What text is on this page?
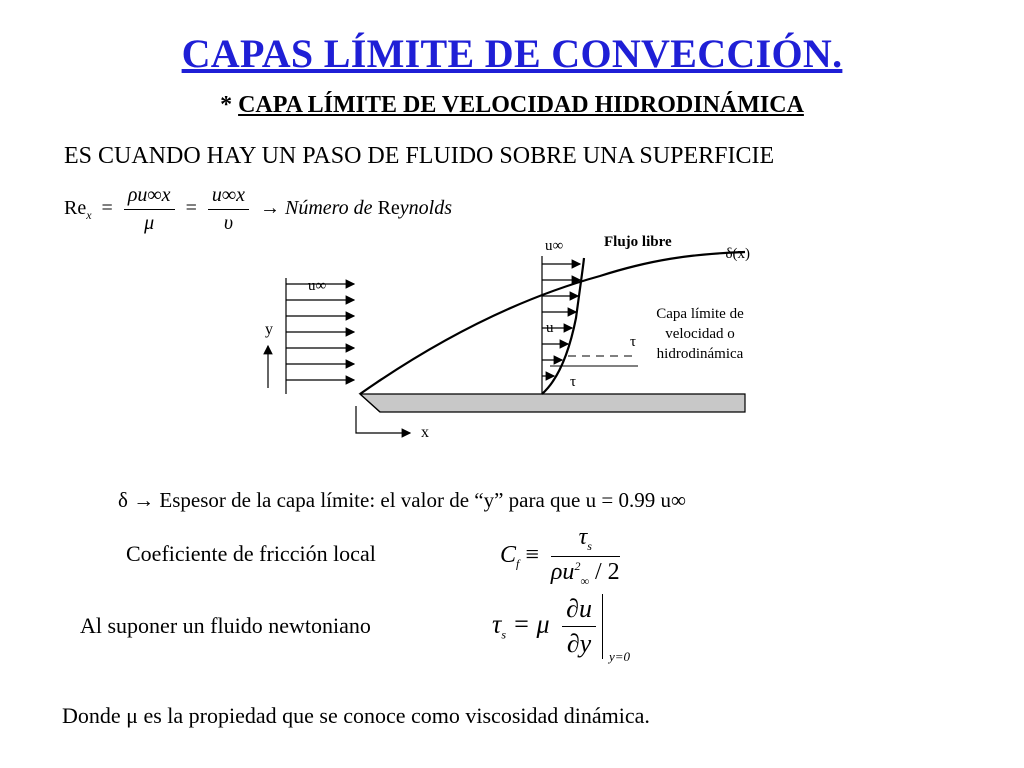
CAPAS LÍMITE DE CONVECCIÓN.
* CAPA LÍMITE DE VELOCIDAD HIDRODINÁMICA
ES CUANDO HAY UN PASO DE FLUIDO SOBRE UNA SUPERFICIE
$Re_x = \frac{\rho u\infty x}{\mu} = \frac{u\infty x}{\upsilon}$ → Número de Reynolds
y
x
u∞
u∞
u
Flujo libre
δ(x)
Capa límite de
velocidad o
hidrodinámica
τ
τ
δ → Espesor de la capa límite: el valor de “y” para que u = 0.99 u∞
Coeficiente de fricción local	$C_f \equiv \frac{\tau_s}{\rho u^2_\infty / 2}$
Al suponer un fluido newtoniano	$\tau_s = \mu \frac{\partial u}{\partial y} _{y=0}$
Donde μ es la propiedad que se conoce como viscosidad dinámica.
